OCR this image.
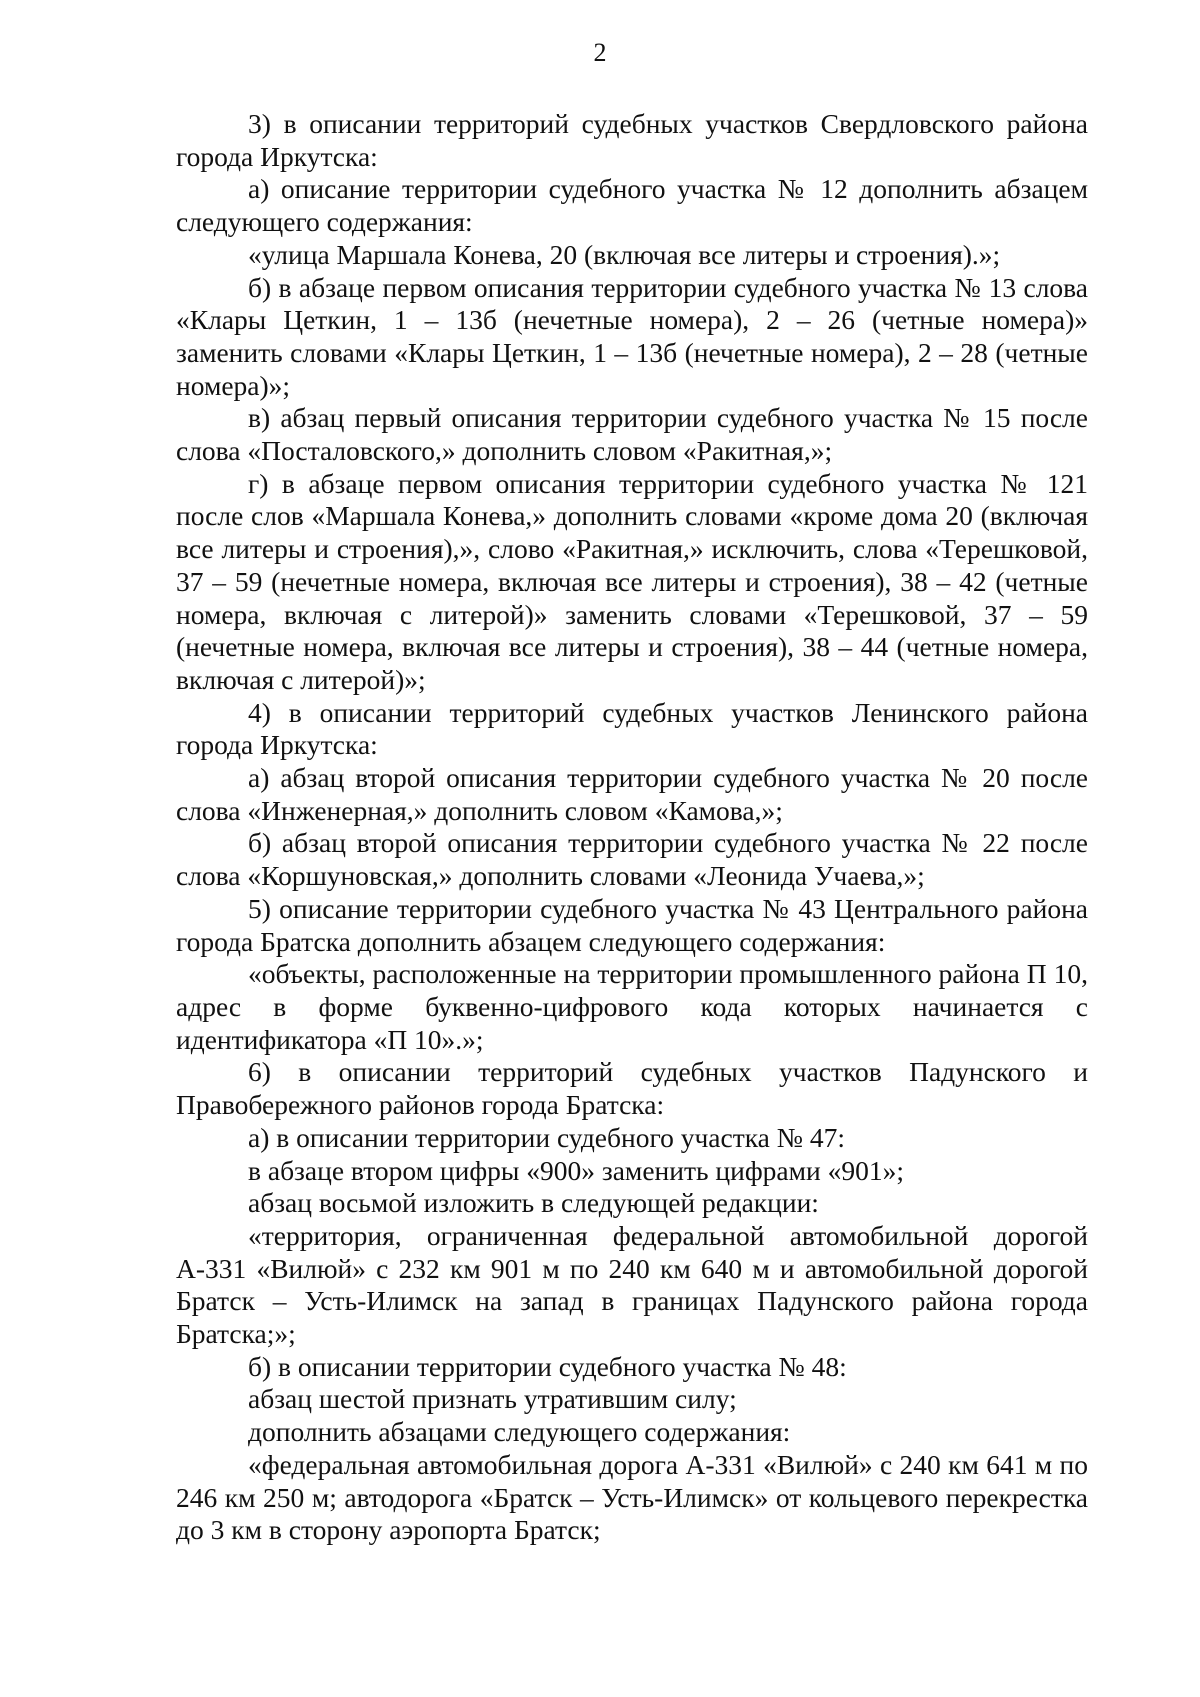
2

3) в описании территорий судебных участков Свердловского района города Иркутска:

а) описание территории судебного участка № 12 дополнить абзацем следующего содержания:

«улица Маршала Конева, 20 (включая все литеры и строения).»;

б) в абзаце первом описания территории судебного участка № 13 слова «Клары Цеткин, 1 – 13б (нечетные номера), 2 – 26 (четные номера)» заменить словами «Клары Цеткин, 1 – 13б (нечетные номера), 2 – 28 (четные номера)»;

в) абзац первый описания территории судебного участка № 15 после слова «Посталовского,» дополнить словом «Ракитная,»;

г) в абзаце первом описания территории судебного участка № 121 после слов «Маршала Конева,» дополнить словами «кроме дома 20 (включая все литеры и строения),», слово «Ракитная,» исключить, слова «Терешковой, 37 – 59 (нечетные номера, включая все литеры и строения), 38 – 42 (четные номера, включая с литерой)» заменить словами «Терешковой, 37 – 59 (нечетные номера, включая все литеры и строения), 38 – 44 (четные номера, включая с литерой)»;

4) в описании территорий судебных участков Ленинского района города Иркутска:

а) абзац второй описания территории судебного участка № 20 после слова «Инженерная,» дополнить словом «Камова,»;

б) абзац второй описания территории судебного участка № 22 после слова «Коршуновская,» дополнить словами «Леонида Учаева,»;

5) описание территории судебного участка № 43 Центрального района города Братска дополнить абзацем следующего содержания:

«объекты, расположенные на территории промышленного района П 10, адрес в форме буквенно-цифрового кода которых начинается с идентификатора «П 10».»;

6) в описании территорий судебных участков Падунского и Правобережного районов города Братска:

а) в описании территории судебного участка № 47:

в абзаце втором цифры «900» заменить цифрами «901»;

абзац восьмой изложить в следующей редакции:

«территория, ограниченная федеральной автомобильной дорогой А-331 «Вилюй» с 232 км 901 м по 240 км 640 м и автомобильной дорогой Братск – Усть-Илимск на запад в границах Падунского района города Братска;»;

б) в описании территории судебного участка № 48:

абзац шестой признать утратившим силу;

дополнить абзацами следующего содержания:

«федеральная автомобильная дорога А-331 «Вилюй» с 240 км 641 м по 246 км 250 м; автодорога «Братск – Усть-Илимск» от кольцевого перекрестка до 3 км в сторону аэропорта Братск;
